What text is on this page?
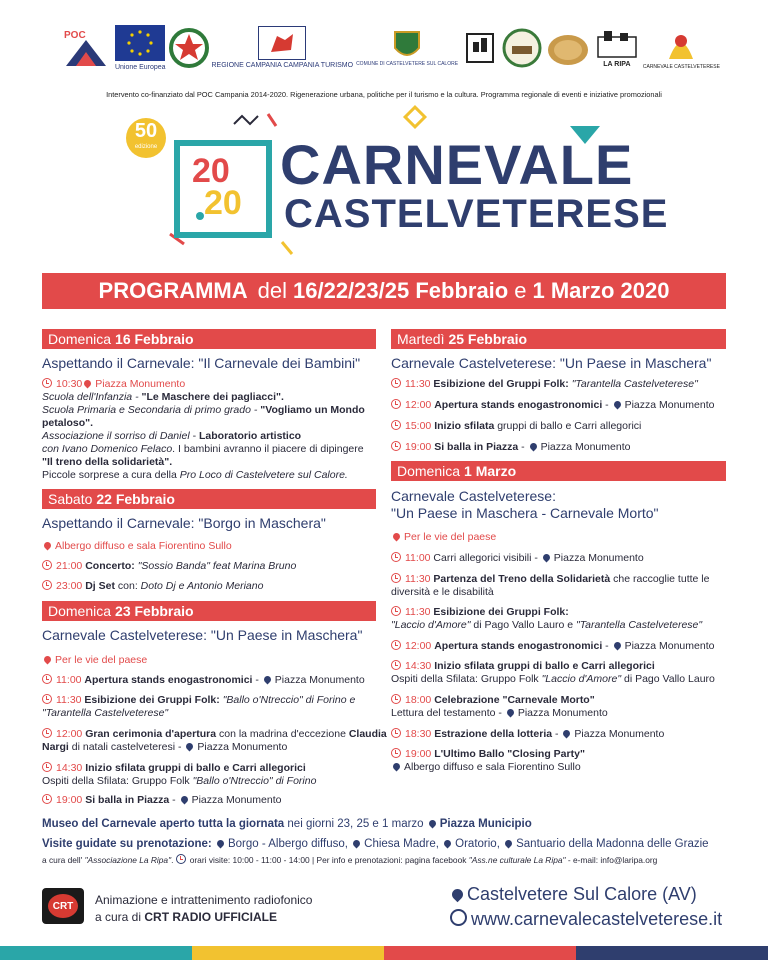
POC
Unione Europea	REGIONE CAMPANIA CAMPANIA TURISMO COMUNE DI CASTELVETERE SUL CALORE	LA RIPA CARNEVALE CASTELVETERESE
Intervento co-finanziato dal POC Campania 2014-2020. Rigenerazione urbana, politiche per il turismo e la cultura. Programma regionale di eventi e iniziative promozionali
50
edizione
20
20
CARNEVALE
CASTELVETERESE
PROGRAMMA del 16/22/23/25 Febbraio e 1 Marzo 2020
Domenica 16 Febbraio
Aspettando il Carnevale: "Il Carnevale dei Bambini"
10:30 Piazza Monumento
Scuola dell'Infanzia - "Le Maschere dei pagliacci".
Scuola Primaria e Secondaria di primo grado - "Vogliamo un Mondo
petaloso".
Associazione il sorriso di Daniel - Laboratorio artistico
con Ivano Domenico Felaco. I bambini avranno il piacere di dipingere
"Il treno della solidarietà".
Piccole sorprese a cura della Pro Loco di Castelvetere sul Calore.
Sabato 22 Febbraio
Aspettando il Carnevale: "Borgo in Maschera"
Albergo diffuso e sala Fiorentino Sullo
21:00 Concerto: "Sossio Banda" feat Marina Bruno
23:00 Dj Set con: Doto Dj e Antonio Meriano
Domenica 23 Febbraio
Carnevale Castelveterese: "Un Paese in Maschera"
Per le vie del paese
11:00 Apertura stands enogastronomici - Piazza Monumento
11:30 Esibizione dei Gruppi Folk: "Ballo o'Ntreccio" di Forino e
"Tarantella Castelveterese"
12:00 Gran cerimonia d'apertura con la madrina d'eccezione Claudia
Nargi di natali castelveteresi - Piazza Monumento
14:30 Inizio sfilata gruppi di ballo e Carri allegorici
Ospiti della Sfilata: Gruppo Folk "Ballo o'Ntreccio" di Forino
19:00 Si balla in Piazza - Piazza Monumento
Martedì 25 Febbraio
Carnevale Castelveterese: "Un Paese in Maschera"
11:30 Esibizione del Gruppi Folk: "Tarantella Castelveterese"
12:00 Apertura stands enogastronomici - Piazza Monumento
15:00 Inizio sfilata gruppi di ballo e Carri allegorici
19:00 Si balla in Piazza - Piazza Monumento
Domenica 1 Marzo
Carnevale Castelveterese:
"Un Paese in Maschera - Carnevale Morto"
Per le vie del paese
11:00 Carri allegorici visibili - Piazza Monumento
11:30 Partenza del Treno della Solidarietà che raccoglie tutte le
diversità e le disabilità
11:30 Esibizione dei Gruppi Folk:
"Laccio d'Amore" di Pago Vallo Lauro e "Tarantella Castelveterese"
12:00 Apertura stands enogastronomici - Piazza Monumento
14:30 Inizio sfilata gruppi di ballo e Carri allegorici
Ospiti della Sfilata: Gruppo Folk "Laccio d'Amore" di Pago Vallo Lauro
18:00 Celebrazione "Carnevale Morto"
Lettura del testamento - Piazza Monumento
18:30 Estrazione della lotteria - Piazza Monumento
19:00 L'Ultimo Ballo "Closing Party"
Albergo diffuso e sala Fiorentino Sullo
Museo del Carnevale aperto tutta la giornata nei giorni 23, 25 e 1 marzo Piazza Municipio
Visite guidate su prenotazione: Borgo - Albergo diffuso, Chiesa Madre, Oratorio, Santuario della Madonna delle Grazie
a cura dell' "Associazione La Ripa". orari visite: 10:00 - 11:00 - 14:00 | Per info e prenotazioni: pagina facebook "Ass.ne culturale La Ripa" - e-mail: info@laripa.org
CRT	Animazione e intrattenimento radiofonico
a cura di CRT RADIO UFFICIALE
Castelvetere Sul Calore (AV)
www.carnevalecastelveterese.it
